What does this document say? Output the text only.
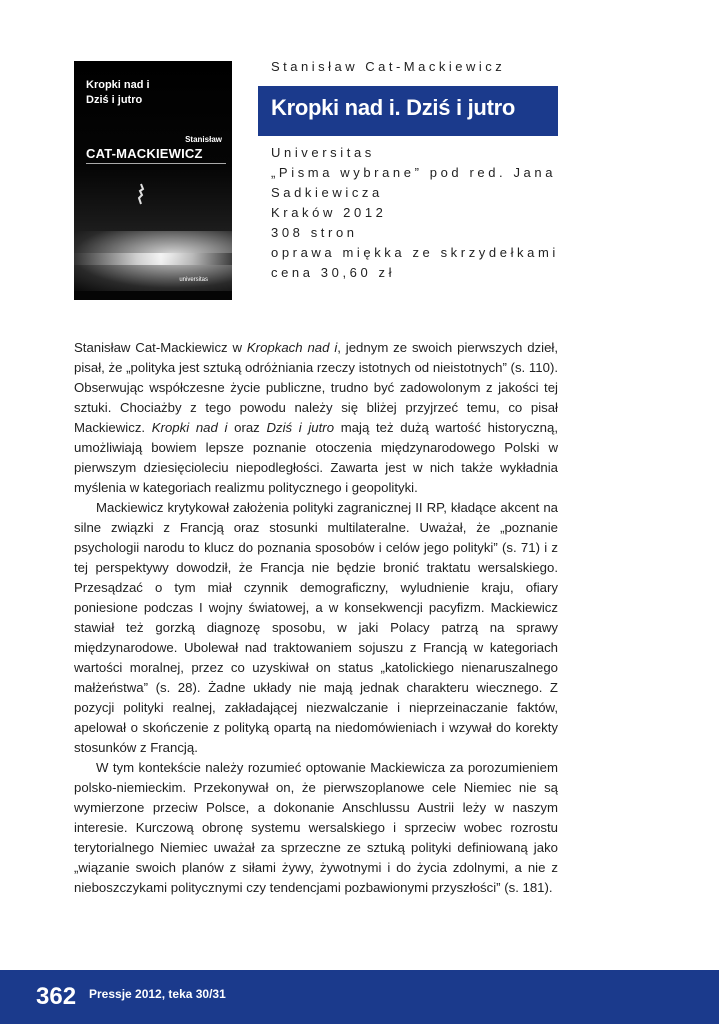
Kropki nad i
Dziś i jutro
Stanisław
CAT-MACKIEWICZ
universitas
Stanisław Cat-Mackiewicz
Kropki nad i. Dziś i jutro
Universitas
„Pisma wybrane” pod red. Jana
Sadkiewicza
Kraków 2012
308 stron
oprawa miękka ze skrzydełkami
cena 30,60 zł

Stanisław Cat-Mackiewicz w Kropkach nad i, jednym ze swoich pierwszych dzieł, pisał, że „polityka jest sztuką odróżniania rzeczy istotnych od nieistotnych” (s. 110). Obserwując współczesne życie publiczne, trudno być zadowolonym z jakości tej sztuki. Chociażby z tego powodu należy się bliżej przyjrzeć temu, co pisał Mackiewicz. Kropki nad i oraz Dziś i jutro mają też dużą wartość historyczną, umożliwiają bowiem lepsze poznanie otoczenia międzynarodowego Polski w pierwszym dziesięcioleciu niepodległości. Zawarta jest w nich także wykładnia myślenia w kategoriach realizmu politycznego i geopolityki.

Mackiewicz krytykował założenia polityki zagranicznej II RP, kładące akcent na silne związki z Francją oraz stosunki multilateralne. Uważał, że „poznanie psychologii narodu to klucz do poznania sposobów i celów jego polityki” (s. 71) i z tej perspektywy dowodził, że Francja nie będzie bronić traktatu wersalskiego. Przesądzać o tym miał czynnik demograficzny, wyludnienie kraju, ofiary poniesione podczas I wojny światowej, a w konsekwencji pacyfizm. Mackiewicz stawiał też gorzką diagnozę sposobu, w jaki Polacy patrzą na sprawy międzynarodowe. Ubolewał nad traktowaniem sojuszu z Francją w kategoriach wartości moralnej, przez co uzyskiwał on status „katolickiego nienaruszalnego małżeństwa” (s. 28). Żadne układy nie mają jednak charakteru wiecznego. Z pozycji polityki realnej, zakładającej niezwalczanie i nieprzeinaczanie faktów, apelował o skończenie z polityką opartą na niedomówieniach i wzywał do korekty stosunków z Francją.

W tym kontekście należy rozumieć optowanie Mackiewicza za porozumieniem polsko-niemieckim. Przekonywał on, że pierwszoplanowe cele Niemiec nie są wymierzone przeciw Polsce, a dokonanie Anschlussu Austrii leży w naszym interesie. Kurczową obronę systemu wersalskiego i sprzeciw wobec rozrostu terytorialnego Niemiec uważał za sprzeczne ze sztuką polityki definiowaną jako „wiązanie swoich planów z siłami żywy, żywotnymi i do życia zdolnymi, a nie z nieboszczykami politycznymi czy tendencjami pozbawionymi przyszłości” (s. 181).

362 Pressje 2012, teka 30/31
